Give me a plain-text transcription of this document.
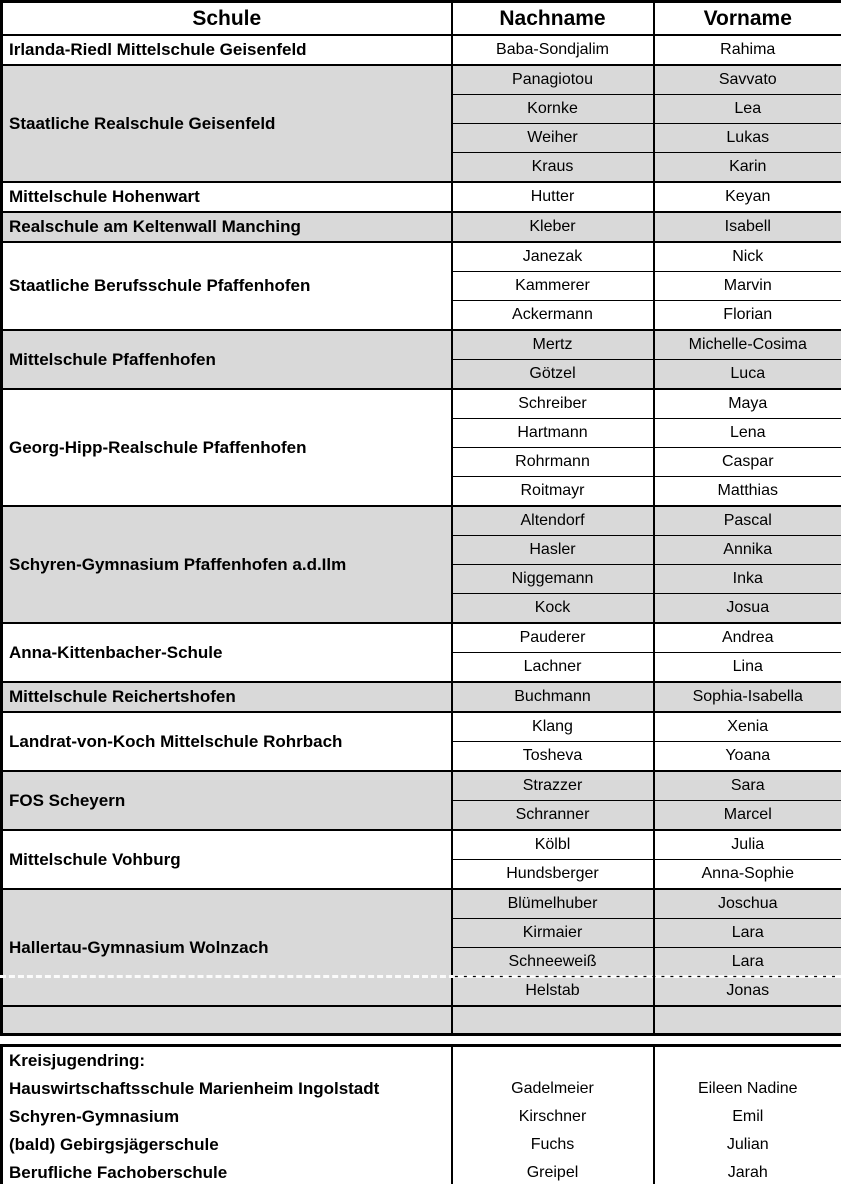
Schule	Nachname	Vorname
Irlanda-Riedl Mittelschule Geisenfeld	Baba-Sondjalim	Rahima
Staatliche Realschule Geisenfeld	Panagiotou	Savvato
	Kornke	Lea
	Weiher	Lukas
	Kraus	Karin
Mittelschule Hohenwart	Hutter	Keyan
Realschule am Keltenwall Manching	Kleber	Isabell
Staatliche Berufsschule Pfaffenhofen	Janezak	Nick
	Kammerer	Marvin
	Ackermann	Florian
Mittelschule Pfaffenhofen	Mertz	Michelle-Cosima
	Götzel	Luca
Georg-Hipp-Realschule Pfaffenhofen	Schreiber	Maya
	Hartmann	Lena
	Rohrmann	Caspar
	Roitmayr	Matthias
Schyren-Gymnasium Pfaffenhofen a.d.Ilm	Altendorf	Pascal
	Hasler	Annika
	Niggemann	Inka
	Kock	Josua
Anna-Kittenbacher-Schule	Pauderer	Andrea
	Lachner	Lina
Mittelschule Reichertshofen	Buchmann	Sophia-Isabella
Landrat-von-Koch Mittelschule Rohrbach	Klang	Xenia
	Tosheva	Yoana
FOS Scheyern	Strazzer	Sara
	Schranner	Marcel
Mittelschule Vohburg	Kölbl	Julia
	Hundsberger	Anna-Sophie
Hallertau-Gymnasium Wolnzach	Blümelhuber	Joschua
	Kirmaier	Lara
	Schneeweiß	Lara
	Helstab	Jonas

Kreisjugendring:		
Hauswirtschaftsschule Marienheim Ingolstadt	Gadelmeier	Eileen Nadine
Schyren-Gymnasium	Kirschner	Emil
(bald) Gebirgsjägerschule	Fuchs	Julian
Berufliche Fachoberschule	Greipel	Jarah
